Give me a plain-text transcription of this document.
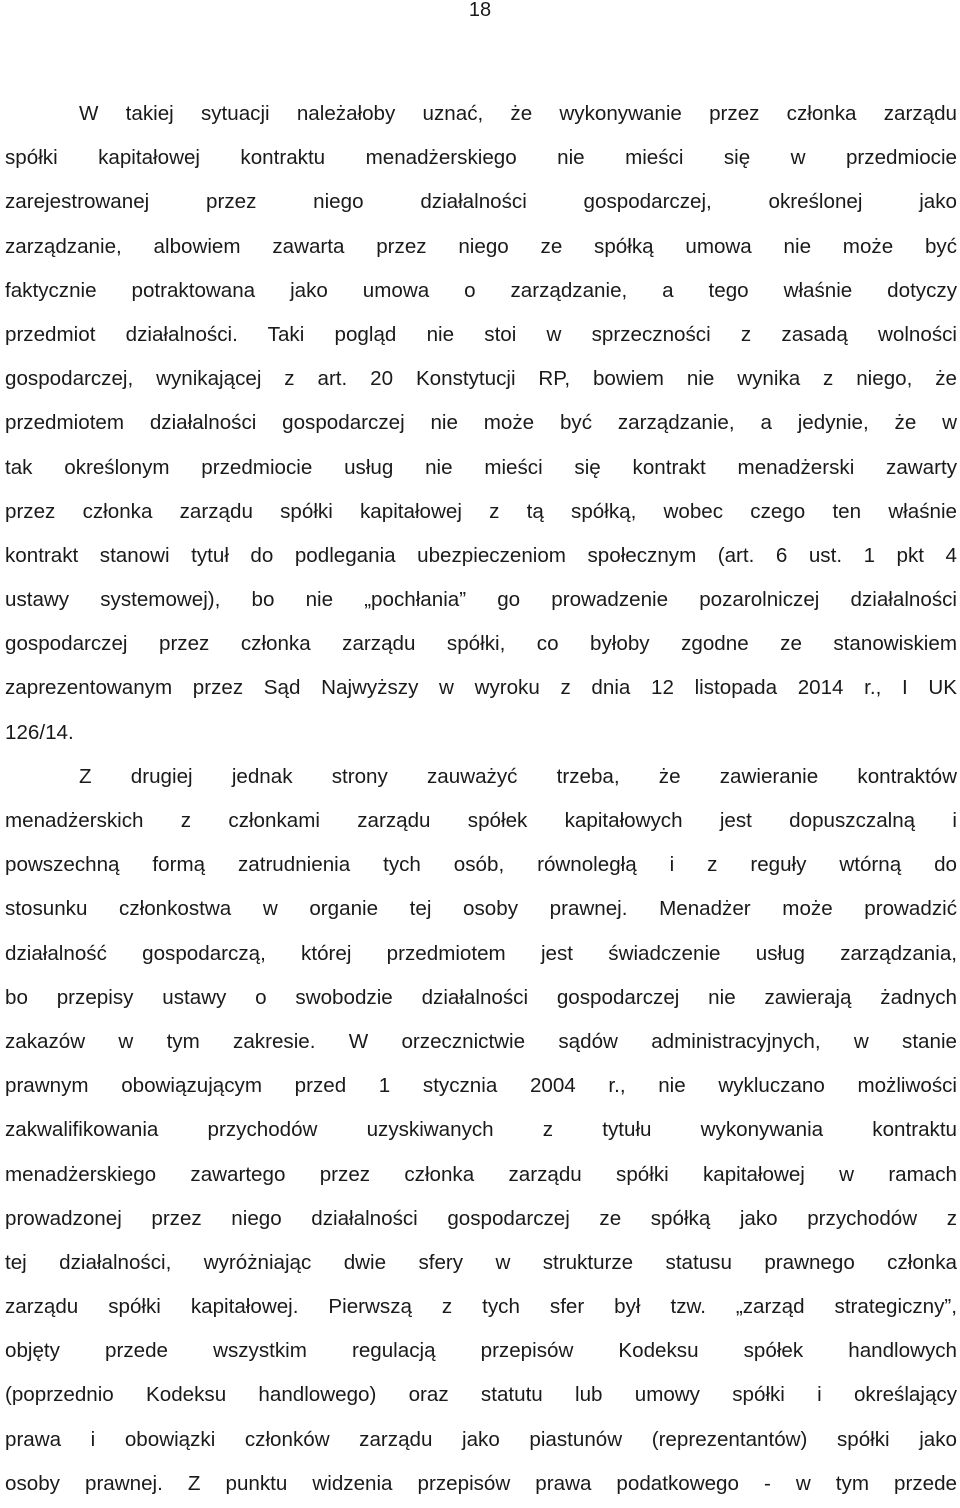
18
W takiej sytuacji należałoby uznać, że wykonywanie przez członka zarządu
spółki kapitałowej kontraktu menadżerskiego nie mieści się w przedmiocie
zarejestrowanej przez niego działalności gospodarczej, określonej jako
zarządzanie, albowiem zawarta przez niego ze spółką umowa nie może być
faktycznie potraktowana jako umowa o zarządzanie, a tego właśnie dotyczy
przedmiot działalności. Taki pogląd nie stoi w sprzeczności z zasadą wolności
gospodarczej, wynikającej z art. 20 Konstytucji RP, bowiem nie wynika z niego, że
przedmiotem działalności gospodarczej nie może być zarządzanie, a jedynie, że w
tak określonym przedmiocie usług nie mieści się kontrakt menadżerski zawarty
przez członka zarządu spółki kapitałowej z tą spółką, wobec czego ten właśnie
kontrakt stanowi tytuł do podlegania ubezpieczeniom społecznym (art. 6 ust. 1 pkt 4
ustawy systemowej), bo nie „pochłania” go prowadzenie pozarolniczej działalności
gospodarczej przez członka zarządu spółki, co byłoby zgodne ze stanowiskiem
zaprezentowanym przez Sąd Najwyższy w wyroku z dnia 12 listopada 2014 r., I UK
126/14.
Z drugiej jednak strony zauważyć trzeba, że zawieranie kontraktów
menadżerskich z członkami zarządu spółek kapitałowych jest dopuszczalną i
powszechną formą zatrudnienia tych osób, równoległą i z reguły wtórną do
stosunku członkostwa w organie tej osoby prawnej. Menadżer może prowadzić
działalność gospodarczą, której przedmiotem jest świadczenie usług zarządzania,
bo przepisy ustawy o swobodzie działalności gospodarczej nie zawierają żadnych
zakazów w tym zakresie. W orzecznictwie sądów administracyjnych, w stanie
prawnym obowiązującym przed 1 stycznia 2004 r., nie wykluczano możliwości
zakwalifikowania przychodów uzyskiwanych z tytułu wykonywania kontraktu
menadżerskiego zawartego przez członka zarządu spółki kapitałowej w ramach
prowadzonej przez niego działalności gospodarczej ze spółką jako przychodów z
tej działalności, wyróżniając dwie sfery w strukturze statusu prawnego członka
zarządu spółki kapitałowej. Pierwszą z tych sfer był tzw. „zarząd strategiczny”,
objęty przede wszystkim regulacją przepisów Kodeksu spółek handlowych
(poprzednio Kodeksu handlowego) oraz statutu lub umowy spółki i określający
prawa i obowiązki członków zarządu jako piastunów (reprezentantów) spółki jako
osoby prawnej. Z punktu widzenia przepisów prawa podatkowego - w tym przede
